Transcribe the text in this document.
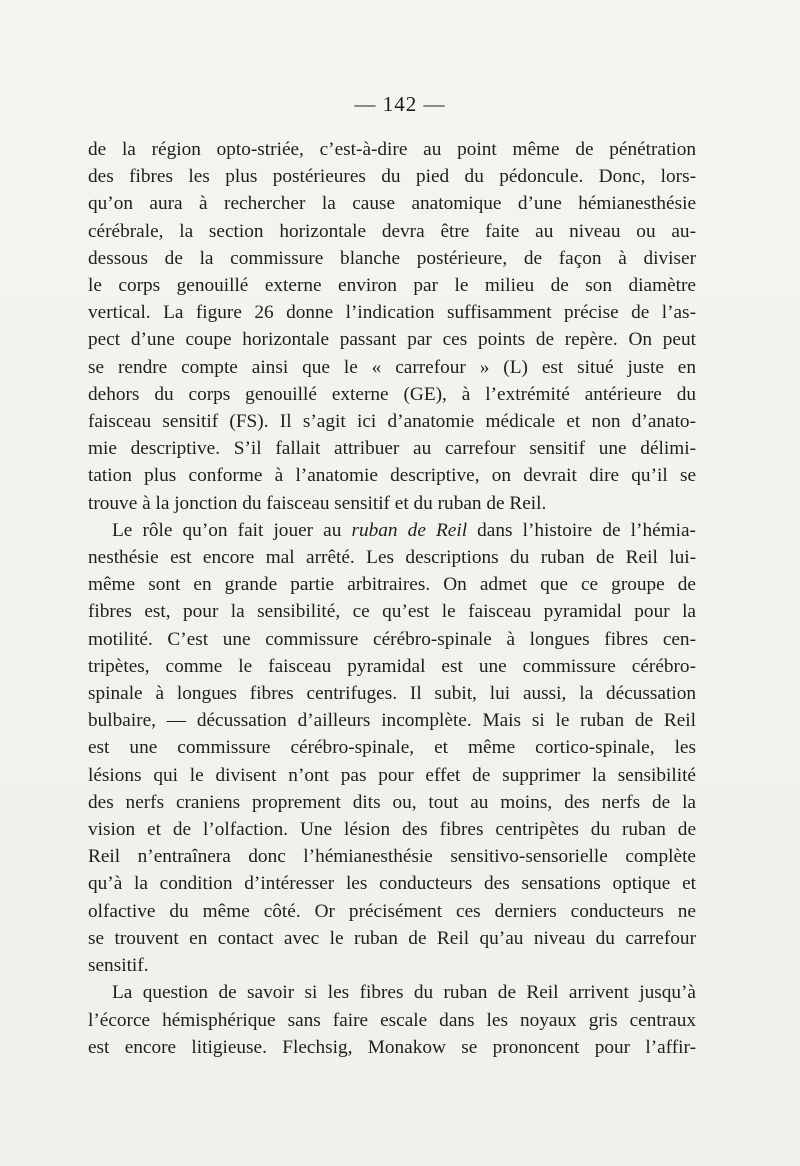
— 142 —

de la région opto-striée, c’est-à-dire au point même de pénétration
des fibres les plus postérieures du pied du pédoncule. Donc, lors-
qu’on aura à rechercher la cause anatomique d’une hémianesthésie
cérébrale, la section horizontale devra être faite au niveau ou au-
dessous de la commissure blanche postérieure, de façon à diviser
le corps genouillé externe environ par le milieu de son diamètre
vertical. La figure 26 donne l’indication suffisamment précise de l’as-
pect d’une coupe horizontale passant par ces points de repère. On peut
se rendre compte ainsi que le « carrefour » (L) est situé juste en
dehors du corps genouillé externe (GE), à l’extrémité antérieure du
faisceau sensitif (FS). Il s’agit ici d’anatomie médicale et non d’anato-
mie descriptive. S’il fallait attribuer au carrefour sensitif une délimi-
tation plus conforme à l’anatomie descriptive, on devrait dire qu’il se
trouve à la jonction du faisceau sensitif et du ruban de Reil.

Le rôle qu’on fait jouer au ruban de Reil dans l’histoire de l’hémia-
nesthésie est encore mal arrêté. Les descriptions du ruban de Reil lui-
même sont en grande partie arbitraires. On admet que ce groupe de
fibres est, pour la sensibilité, ce qu’est le faisceau pyramidal pour la
motilité. C’est une commissure cérébro-spinale à longues fibres cen-
tripètes, comme le faisceau pyramidal est une commissure cérébro-
spinale à longues fibres centrifuges. Il subit, lui aussi, la décussation
bulbaire, — décussation d’ailleurs incomplète. Mais si le ruban de Reil
est une commissure cérébro-spinale, et même cortico-spinale, les
lésions qui le divisent n’ont pas pour effet de supprimer la sensibilité
des nerfs craniens proprement dits ou, tout au moins, des nerfs de la
vision et de l’olfaction. Une lésion des fibres centripètes du ruban de
Reil n’entraînera donc l’hémianesthésie sensitivo-sensorielle complète
qu’à la condition d’intéresser les conducteurs des sensations optique et
olfactive du même côté. Or précisément ces derniers conducteurs ne
se trouvent en contact avec le ruban de Reil qu’au niveau du carrefour
sensitif.

La question de savoir si les fibres du ruban de Reil arrivent jusqu’à
l’écorce hémisphérique sans faire escale dans les noyaux gris centraux
est encore litigieuse. Flechsig, Monakow se prononcent pour l’affir-
